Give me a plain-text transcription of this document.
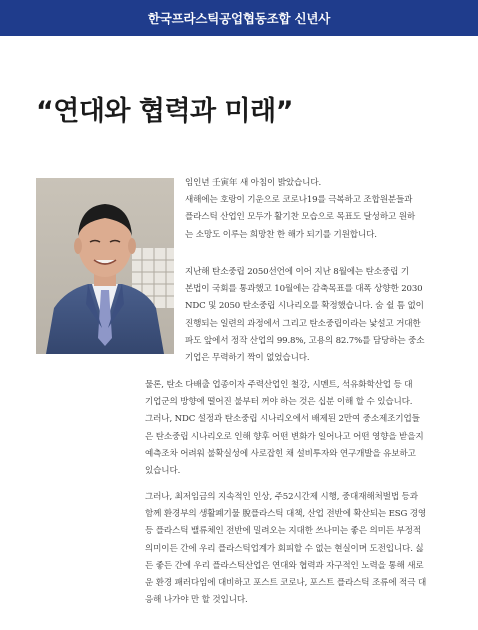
한국프라스틱공업협동조합 신년사
“연대와 협력과 미래”
임인년 壬寅年 새 아침이 밝았습니다.
새해에는 호랑이 기운으로 코로나19를 극복하고 조합원분들과
플라스틱 산업인 모두가 활기찬 모습으로 목표도 달성하고 원하
는 소망도 이루는 희망찬 한 해가 되기를 기원합니다.
지난해 탄소중립 2050선언에 이어 지난 8월에는 탄소중립 기
본법이 국회를 통과했고 10월에는 감축목표를 대폭 상향한 2030
NDC 및 2050 탄소중립 시나리오를 확정했습니다. 숨 쉴 틈 없이
진행되는 일련의 과정에서 그리고 탄소중립이라는 낯설고 거대한
파도 앞에서 정작 산업의 99.8%, 고용의 82.7%를 담당하는 중소
기업은 무력하기 짝이 없었습니다.
물론, 탄소 다배출 업종이자 주력산업인 철강, 시멘트, 석유화학산업 등 대
기업군의 방향에 떨어진 불부터 꺼야 하는 것은 십분 이해 할 수 있습니다.
그러나, NDC 설정과 탄소중립 시나리오에서 배제된 2만여 중소제조기업들
은 탄소중립 시나리오로 인해 향후 어떤 변화가 일어나고 어떤 영향을 받을지
예측조차 어려워 불확실성에 사로잡힌 채 설비투자와 연구개발을 유보하고
있습니다.
그러나, 최저임금의 지속적인 인상, 주52시간제 시행, 중대재해처벌법 등과
함께 환경부의 생활폐기물 脫플라스틱 대책, 산업 전반에 확산되는 ESG 경영
등 플라스틱 밸류체인 전반에 밀려오는 지대한 쓰나미는 좋은 의미든 부정적
의미이든 간에 우리 플라스틱업계가 회피할 수 없는 현실이며 도전입니다. 싫
든 좋든 간에 우리 플라스틱산업은 연대와 협력과 자구적인 노력을 통해 새로
운 환경 패러다임에 대비하고 포스트 코로나, 포스트 플라스틱 조류에 적극 대
응해 나가야 만 할 것입니다.
